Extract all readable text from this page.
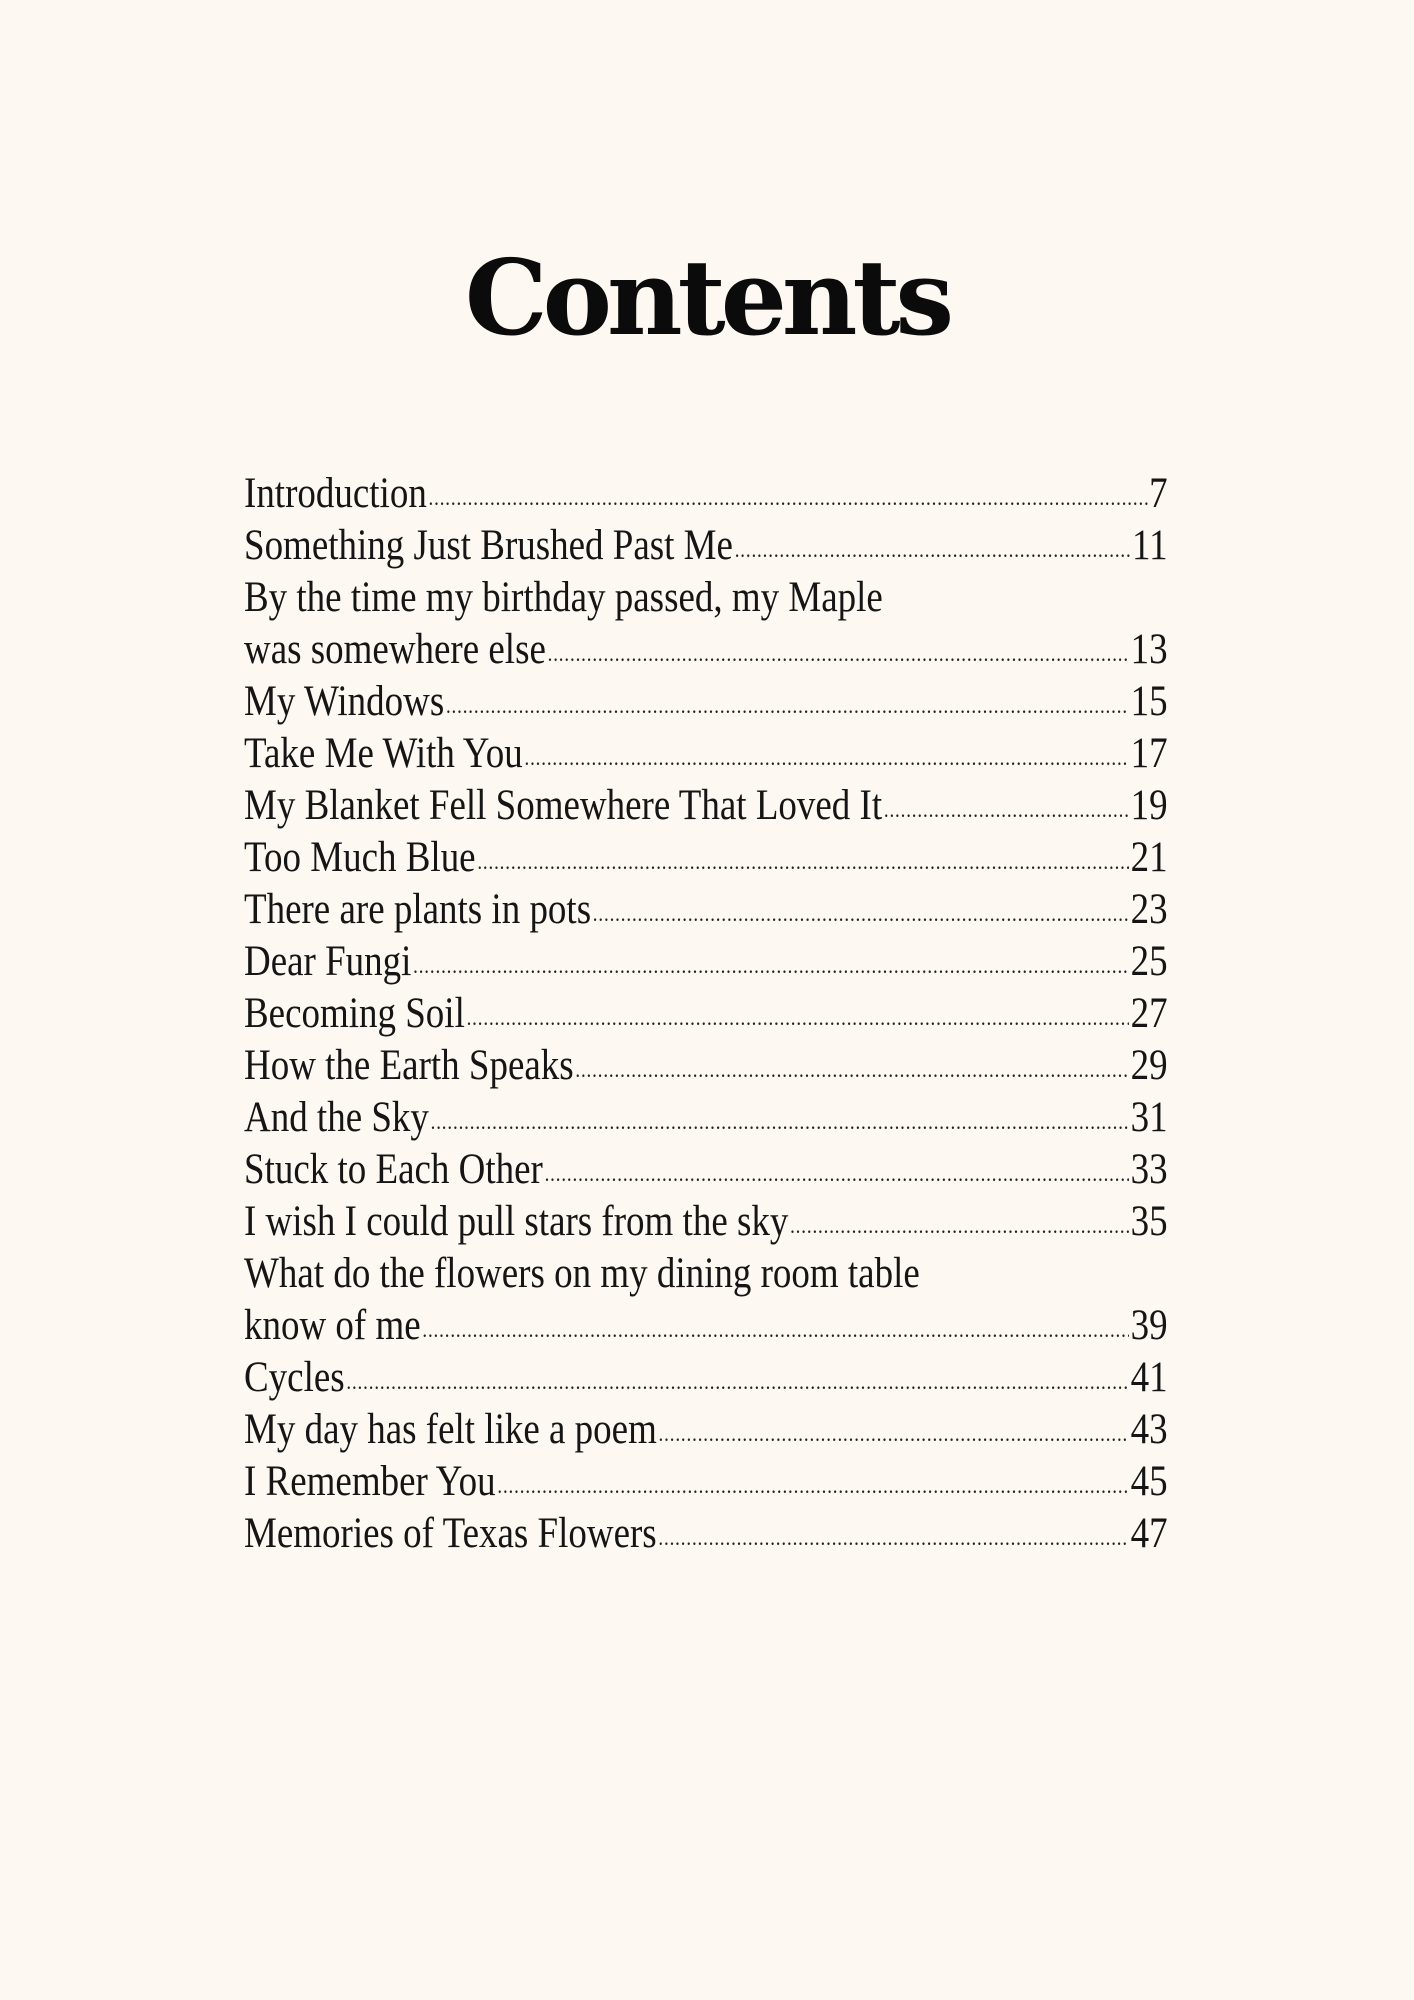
Contents
Introduction .....	7
Something Just Brushed Past Me .....	11
By the time my birthday passed, my Maple
was somewhere else .....	13
My Windows .....	15
Take Me With You .....	17
My Blanket Fell Somewhere That Loved It .....	19
Too Much Blue .....	21
There are plants in pots .....	23
Dear Fungi .....	25
Becoming Soil .....	27
How the Earth Speaks .....	29
And the Sky .....	31
Stuck to Each Other .....	33
I wish I could pull stars from the sky .....	35
What do the flowers on my dining room table
know of me .....	39
Cycles .....	41
My day has felt like a poem .....	43
I Remember You .....	45
Memories of Texas Flowers .....	47
